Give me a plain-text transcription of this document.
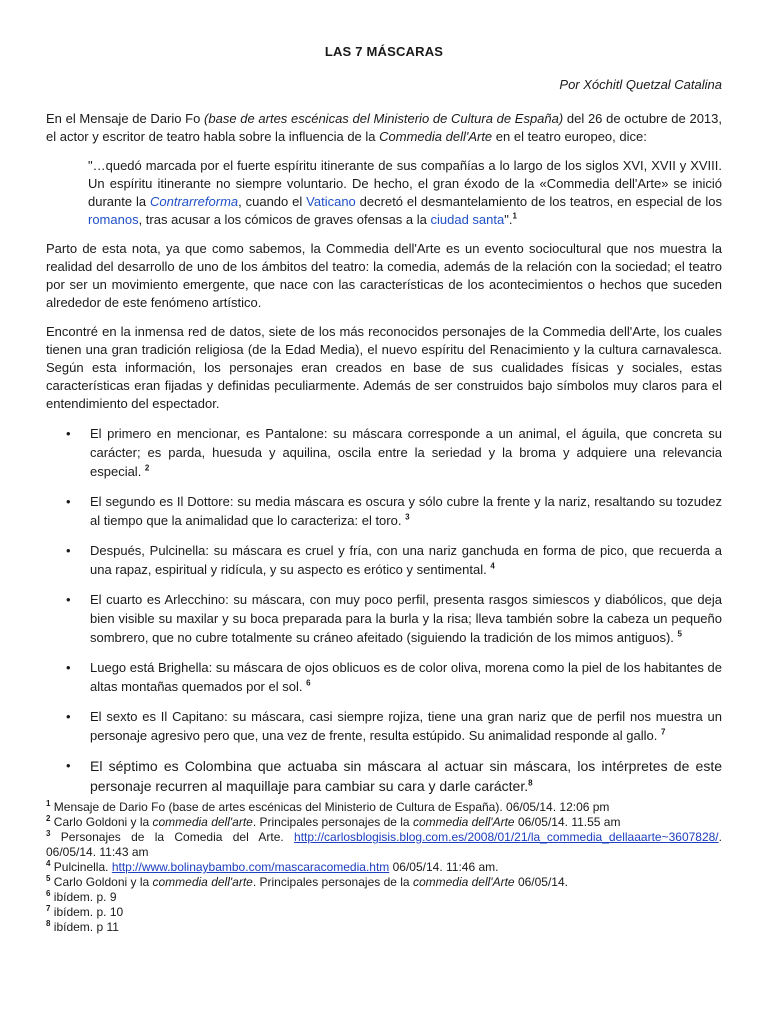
LAS 7 MÁSCARAS
Por Xóchitl Quetzal Catalina

En el Mensaje de Dario Fo (base de artes escénicas del Ministerio de Cultura de España) del 26 de octubre de 2013, el actor y escritor de teatro habla sobre la influencia de la Commedia dell'Arte en el teatro europeo, dice:

"…quedó marcada por el fuerte espíritu itinerante de sus compañías a lo largo de los siglos XVI, XVII y XVIII. Un espíritu itinerante no siempre voluntario. De hecho, el gran éxodo de la «Commedia dell'Arte» se inició durante la Contrarreforma, cuando el Vaticano decretó el desmantelamiento de los teatros, en especial de los romanos, tras acusar a los cómicos de graves ofensas a la ciudad santa".$^1$

Parto de esta nota, ya que como sabemos, la Commedia dell'Arte es un evento sociocultural que nos muestra la realidad del desarrollo de uno de los ámbitos del teatro: la comedia, además de la relación con la sociedad; el teatro por ser un movimiento emergente, que nace con las características de los acontecimientos o hechos que suceden alrededor de este fenómeno artístico.

Encontré en la inmensa red de datos, siete de los más reconocidos personajes de la Commedia dell'Arte, los cuales tienen una gran tradición religiosa (de la Edad Media), el nuevo espíritu del Renacimiento y la cultura carnavalesca. Según esta información, los personajes eran creados en base de sus cualidades físicas y sociales, estas características eran fijadas y definidas peculiarmente. Además de ser construidos bajo símbolos muy claros para el entendimiento del espectador.

• El primero en mencionar, es Pantalone: su máscara corresponde a un animal, el águila, que concreta su carácter; es parda, huesuda y aquilina, oscila entre la seriedad y la broma y adquiere una relevancia especial. $^2$
• El segundo es Il Dottore: su media máscara es oscura y sólo cubre la frente y la nariz, resaltando su tozudez al tiempo que la animalidad que lo caracteriza: el toro. $^3$
• Después, Pulcinella: su máscara es cruel y fría, con una nariz ganchuda en forma de pico, que recuerda a una rapaz, espiritual y ridícula, y su aspecto es erótico y sentimental. $^4$
• El cuarto es Arlecchino: su máscara, con muy poco perfil, presenta rasgos simiescos y diabólicos, que deja bien visible su maxilar y su boca preparada para la burla y la risa; lleva también sobre la cabeza un pequeño sombrero, que no cubre totalmente su cráneo afeitado (siguiendo la tradición de los mimos antiguos). $^5$
• Luego está Brighella: su máscara de ojos oblicuos es de color oliva, morena como la piel de los habitantes de altas montañas quemados por el sol. $^6$
• El sexto es Il Capitano: su máscara, casi siempre rojiza, tiene una gran nariz que de perfil nos muestra un personaje agresivo pero que, una vez de frente, resulta estúpido. Su animalidad responde al gallo. $^7$
• El séptimo es Colombina que actuaba sin máscara al actuar sin máscara, los intérpretes de este personaje recurren al maquillaje para cambiar su cara y darle carácter.$^8$

$^1$ Mensaje de Dario Fo (base de artes escénicas del Ministerio de Cultura de España). 06/05/14. 12:06 pm

$^2$ Carlo Goldoni y la commedia dell'arte. Principales personajes de la commedia dell'Arte 06/05/14. 11.55 am

$^3$ Personajes de la Comedia del Arte. http://carlosblogisis.blog.com.es/2008/01/21/la_commedia_dellaaarte~3607828/. 06/05/14. 11:43 am

$^4$ Pulcinella. http://www.bolinaybambo.com/mascaracomedia.htm 06/05/14. 11:46 am.

$^5$ Carlo Goldoni y la commedia dell'arte. Principales personajes de la commedia dell'Arte 06/05/14.

$^6$ ibídem. p. 9

$^7$ ibídem. p. 10

$^8$ ibídem. p 11
